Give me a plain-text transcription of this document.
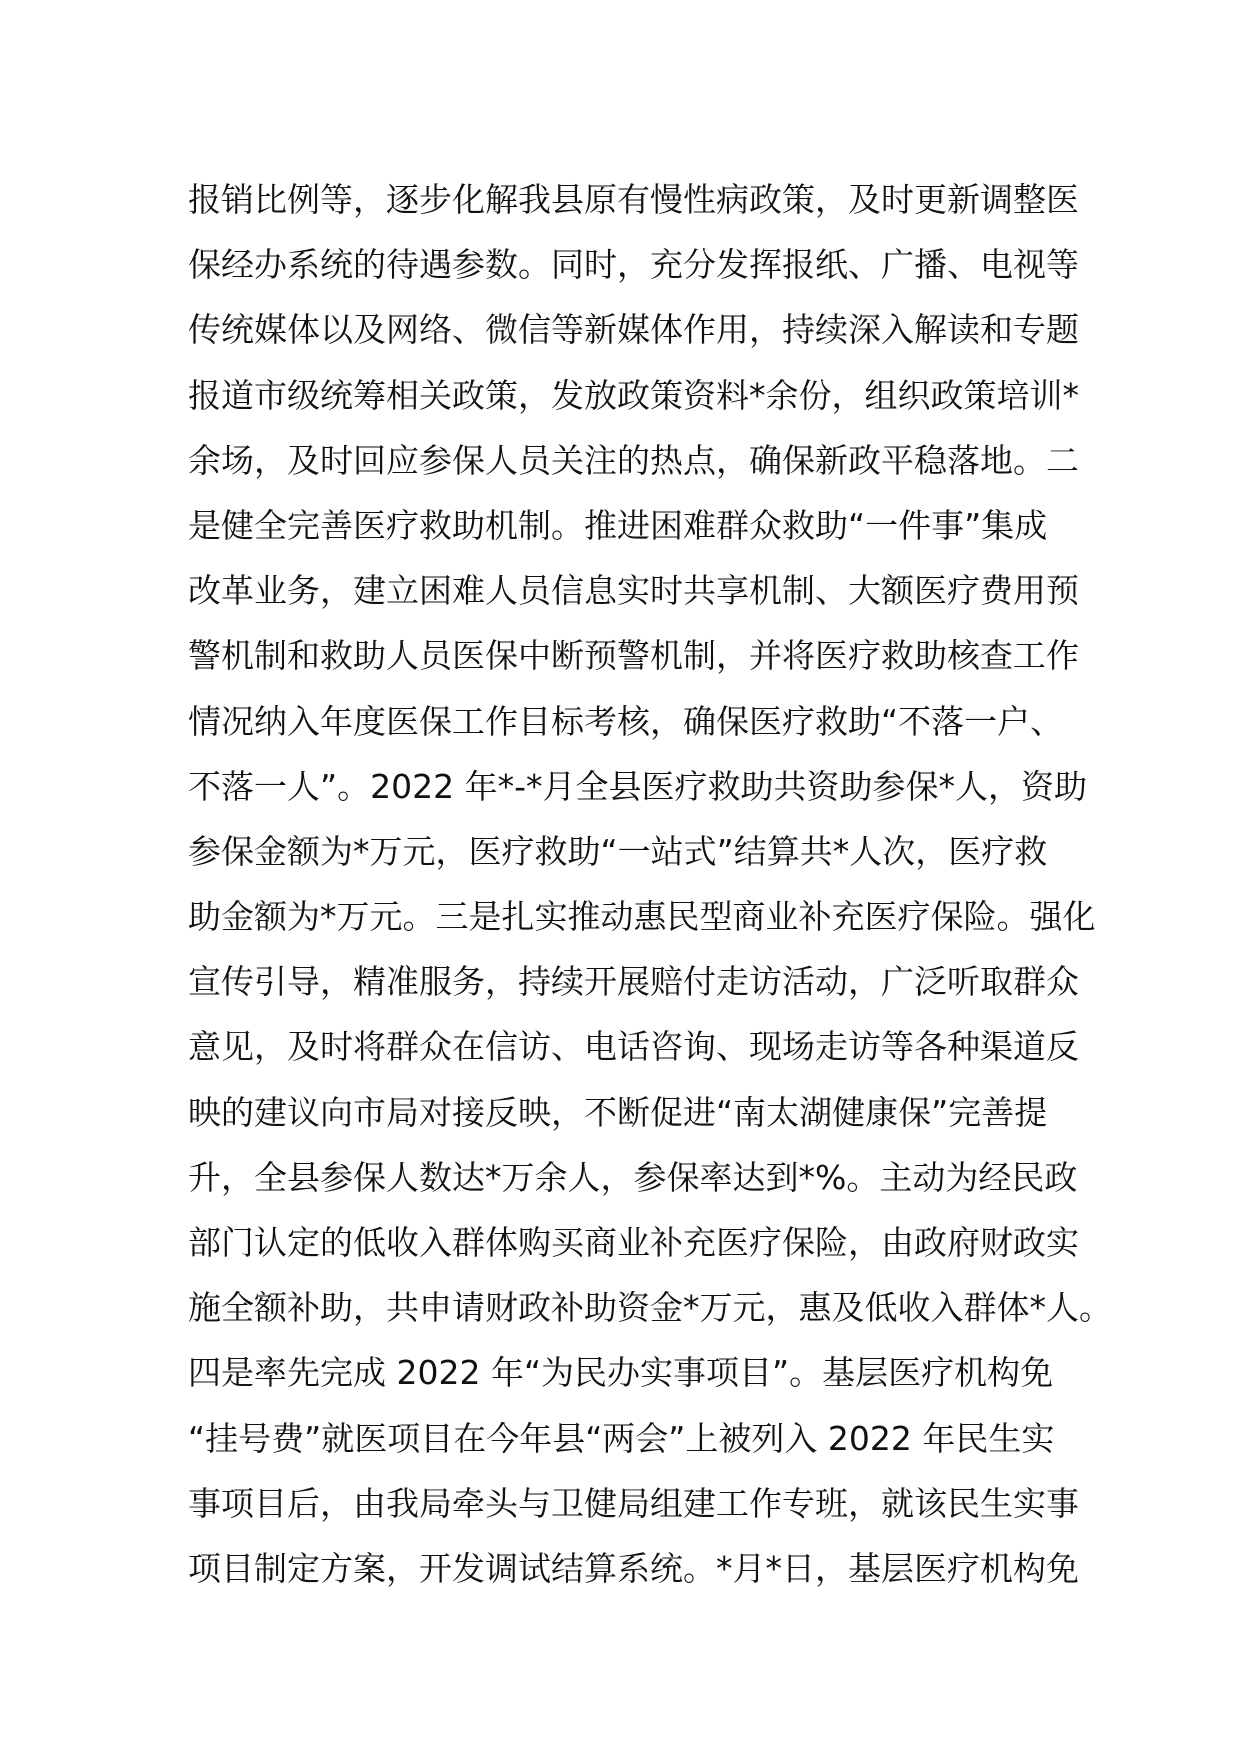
报销比例等，逐步化解我县原有慢性病政策，及时更新调整医
保经办系统的待遇参数。同时，充分发挥报纸、广播、电视等
传统媒体以及网络、微信等新媒体作用，持续深入解读和专题
报道市级统筹相关政策，发放政策资料*余份，组织政策培训*
余场，及时回应参保人员关注的热点，确保新政平稳落地。二
是健全完善医疗救助机制。推进困难群众救助“一件事”集成
改革业务，建立困难人员信息实时共享机制、大额医疗费用预
警机制和救助人员医保中断预警机制，并将医疗救助核查工作
情况纳入年度医保工作目标考核，确保医疗救助“不落一户、
不落一人”。2022 年*-*月全县医疗救助共资助参保*人，资助
参保金额为*万元，医疗救助“一站式”结算共*人次，医疗救
助金额为*万元。三是扎实推动惠民型商业补充医疗保险。强化
宣传引导，精准服务，持续开展赔付走访活动，广泛听取群众
意见，及时将群众在信访、电话咨询、现场走访等各种渠道反
映的建议向市局对接反映，不断促进“南太湖健康保”完善提
升，全县参保人数达*万余人，参保率达到*%。主动为经民政
部门认定的低收入群体购买商业补充医疗保险，由政府财政实
施全额补助，共申请财政补助资金*万元，惠及低收入群体*人。
四是率先完成 2022 年“为民办实事项目”。基层医疗机构免
“挂号费”就医项目在今年县“两会”上被列入 2022 年民生实
事项目后，由我局牵头与卫健局组建工作专班，就该民生实事
项目制定方案，开发调试结算系统。*月*日，基层医疗机构免
